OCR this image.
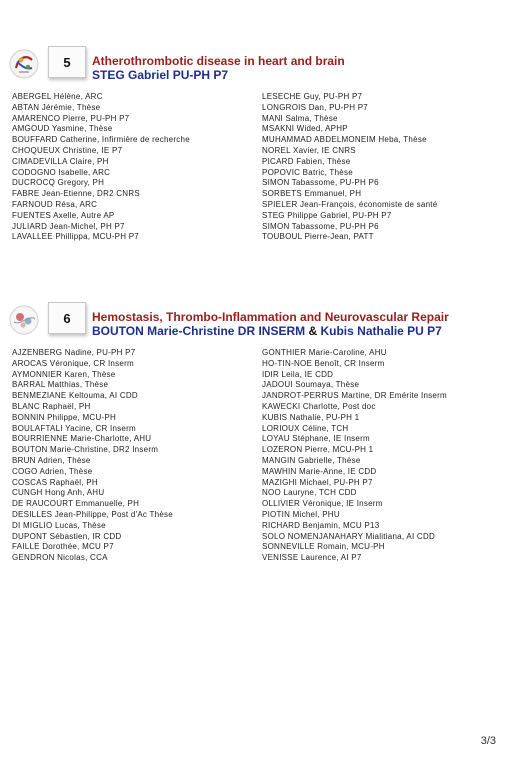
5	Atherothrombotic disease in heart and brain
STEG Gabriel PU-PH P7
ABERGEL Hélène, ARC
ABTAN Jérémie, Thèse
AMARENCO Pierre, PU-PH P7
AMGOUD Yasmine, Thèse
BOUFFARD Catherine, Infirmière de recherche
CHOQUEUX Christine, IE P7
CIMADEVILLA Claire, PH
CODOGNO Isabelle, ARC
DUCROCQ Gregory, PH
FABRE Jean-Etienne, DR2 CNRS
FARNOUD Résa, ARC
FUENTES Axelle, Autre AP
JULIARD Jean-Michel, PH P7
LAVALLEE Phillippa, MCU-PH P7
LESECHE Guy, PU-PH P7
LONGROIS Dan, PU-PH P7
MANI Salma, Thèse
MSAKNI Wided, APHP
MUHAMMAD ABDELMONEIM Heba, Thèse
NOREL Xavier, IE CNRS
PICARD Fabien, Thèse
POPOVIC Batric, Thèse
SIMON Tabassome, PU-PH P6
SORBETS Emmanuel, PH
SPIELER Jean-François, économiste de santé
STEG Philippe Gabriel, PU-PH P7
SIMON Tabassome, PU-PH P6
TOUBOUL Pierre-Jean, PATT
6	Hemostasis, Thrombo-Inflammation and Neurovascular Repair
BOUTON Marie-Christine DR INSERM & Kubis Nathalie PU P7
AJZENBERG Nadine, PU-PH P7
AROCAS Véronique, CR Inserm
AYMONNIER Karen, Thèse
BARRAL Matthias, Thèse
BENMEZIANE Keltouma, AI CDD
BLANC Raphaël, PH
BONNIN Philippe, MCU-PH
BOULAFTALI Yacine, CR Inserm
BOURRIENNE Marie-Charlotte, AHU
BOUTON Marie-Christine, DR2 Inserm
BRUN Adrien, Thèse
COGO Adrien, Thèse
COSCAS Raphaël, PH
CUNGH Hong Anh, AHU
DE RAUCOURT Emmanuelle, PH
DESILLES Jean-Philippe, Post d'Ac Thèse
DI MIGLIO Lucas, Thèse
DUPONT Sébastien, IR CDD
FAILLE Dorothée, MCU P7
GENDRON Nicolas, CCA
GONTHIER Marie-Caroline, AHU
HO-TIN-NOE Benoît, CR Inserm
IDIR Leila, IE CDD
JADOUI Soumaya, Thèse
JANDROT-PERRUS Martine, DR Emérite Inserm
KAWECKI Charlotte, Post doc
KUBIS Nathalie, PU-PH 1
LORIOUX Céline, TCH
LOYAU Stéphane, IE Inserm
LOZERON Pierre, MCU-PH 1
MANGIN Gabrielle, Thèse
MAWHIN Marie-Anne, IE CDD
MAZIGHI Michael, PU-PH P7
NOO Lauryne, TCH CDD
OLLIVIER Véronique, IE Inserm
PIOTIN Michel, PHU
RICHARD Benjamin, MCU P13
SOLO NOMENJANAHARY Mialitiana, AI CDD
SONNEVILLE Romain, MCU-PH
VENISSE Laurence, AI P7
3/3
